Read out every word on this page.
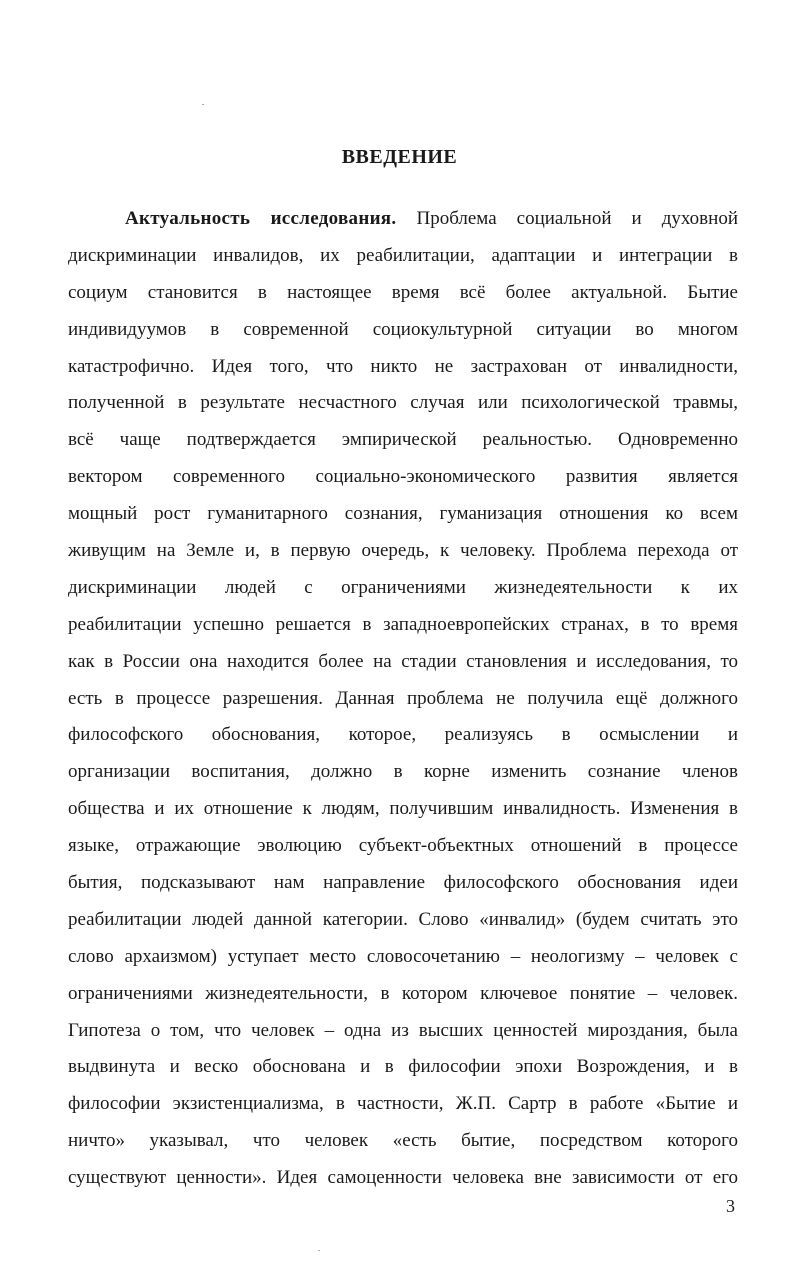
ВВЕДЕНИЕ
Актуальность исследования. Проблема социальной и духовной
дискриминации инвалидов, их реабилитации, адаптации и интеграции в
социум становится в настоящее время всё более актуальной. Бытие
индивидуумов в современной социокультурной ситуации во многом
катастрофично. Идея того, что никто не застрахован от инвалидности,
полученной в результате несчастного случая или психологической травмы,
всё чаще подтверждается эмпирической реальностью. Одновременно
вектором современного социально-экономического развития является
мощный рост гуманитарного сознания, гуманизация отношения ко всем
живущим на Земле и, в первую очередь, к человеку. Проблема перехода от
дискриминации людей с ограничениями жизнедеятельности к их
реабилитации успешно решается в западноевропейских странах, в то время
как в России она находится более на стадии становления и исследования, то
есть в процессе разрешения. Данная проблема не получила ещё должного
философского обоснования, которое, реализуясь в осмыслении и
организации воспитания, должно в корне изменить сознание членов
общества и их отношение к людям, получившим инвалидность. Изменения в
языке, отражающие эволюцию субъект-объектных отношений в процессе
бытия, подсказывают нам направление философского обоснования идеи
реабилитации людей данной категории. Слово «инвалид» (будем считать это
слово архаизмом) уступает место словосочетанию – неологизму – человек с
ограничениями жизнедеятельности, в котором ключевое понятие – человек.
Гипотеза о том, что человек – одна из высших ценностей мироздания, была
выдвинута и веско обоснована и в философии эпохи Возрождения, и в
философии экзистенциализма, в частности, Ж.П. Сартр в работе «Бытие и
ничто» указывал, что человек «есть бытие, посредством которого
существуют ценности». Идея самоценности человека вне зависимости от его
3
